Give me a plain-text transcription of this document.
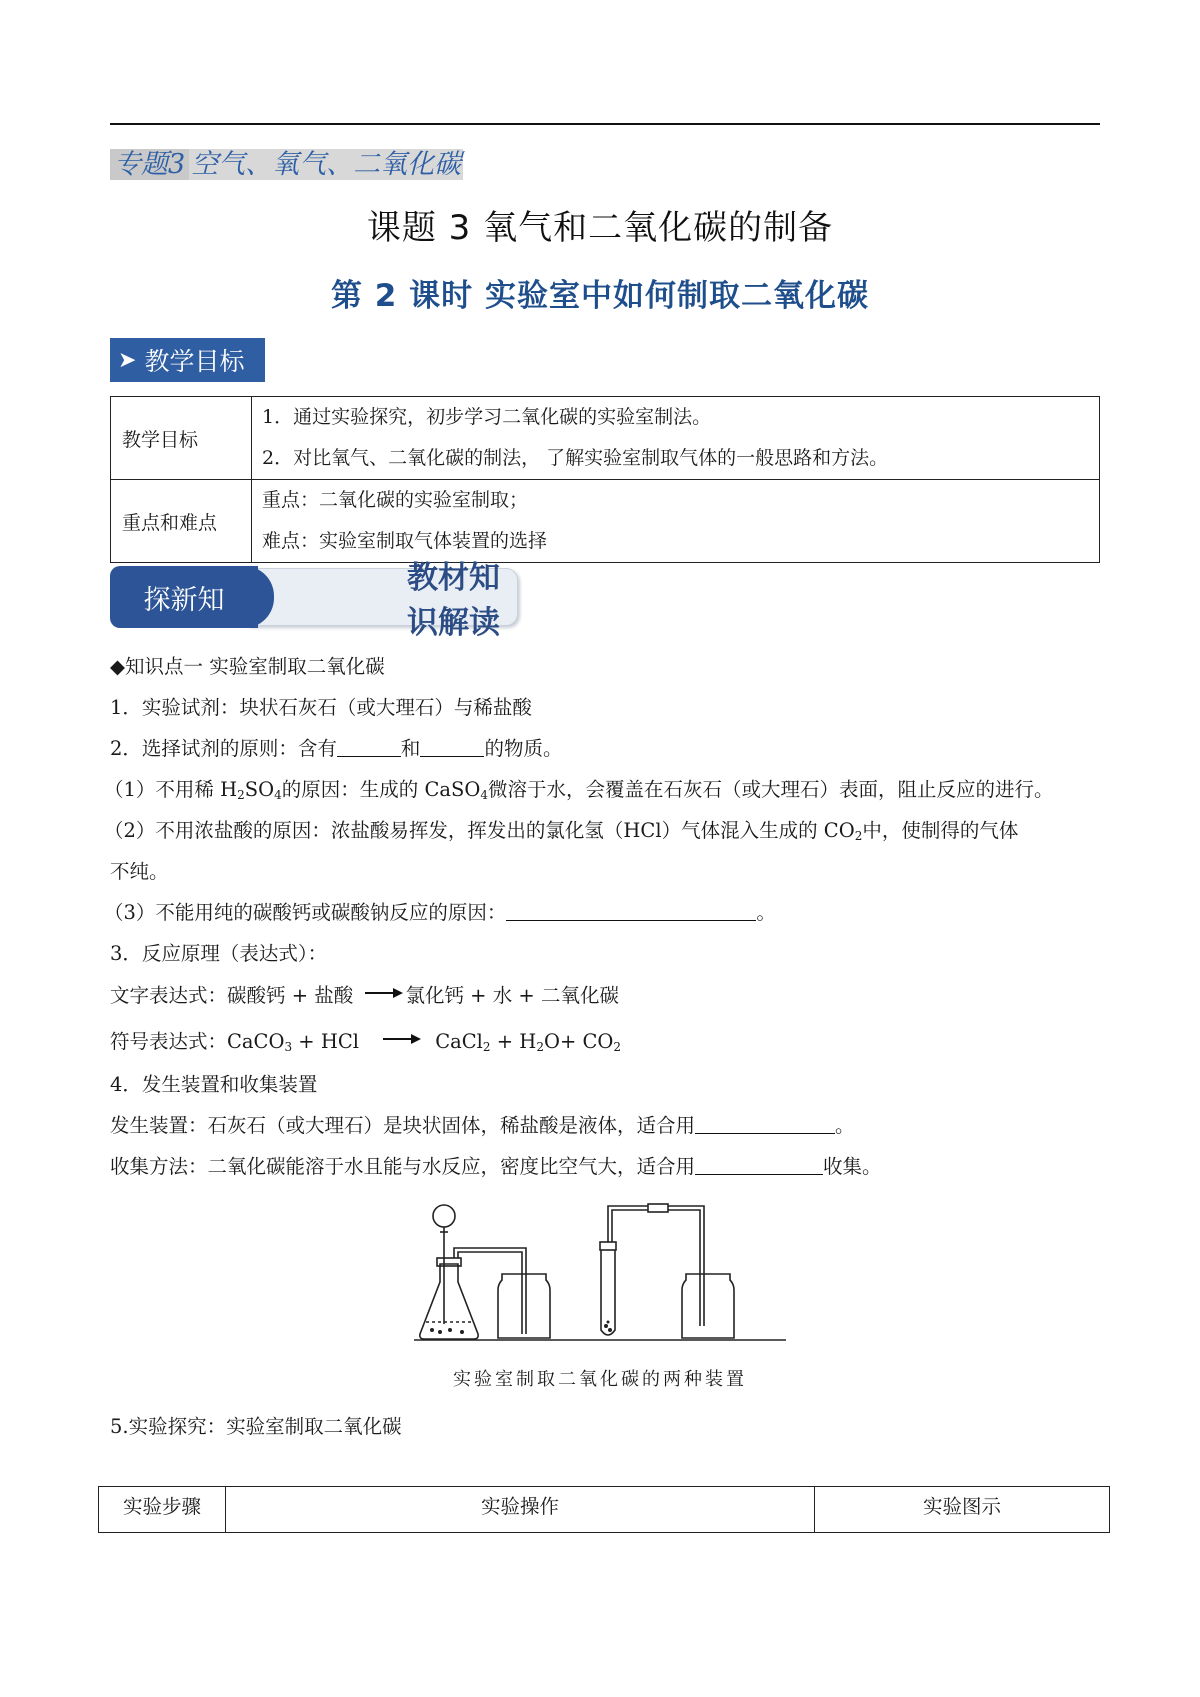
专题3 空气、氧气、二氧化碳
课题 3 氧气和二氧化碳的制备
第 2 课时 实验室中如何制取二氧化碳
➤ 教学目标
教学目标	1．通过实验探究，初步学习二氧化碳的实验室制法。
2．对比氧气、二氧化碳的制法， 了解实验室制取气体的一般思路和方法。

重点和难点	重点：二氧化碳的实验室制取；
难点：实验室制取气体装置的选择
教材知识解读
探新知
◆知识点一 实验室制取二氧化碳
1．实验试剂：块状石灰石（或大理石）与稀盐酸
2．选择试剂的原则：含有	和	的物质。
（1）不用稀 $H_2SO_4$的原因：生成的 CaSO$_4$微溶于水，会覆盖在石灰石（或大理石）表面，阻止反应的进行。
（2）不用浓盐酸的原因：浓盐酸易挥发，挥发出的氯化氢（HCl）气体混入生成的 $CO_2$中，使制得的气体
不纯。
（3）不能用纯的碳酸钙或碳酸钠反应的原因：	。
3．反应原理（表达式）：
文字表达式：碳酸钙 + 盐酸 → 氯化钙 + 水 + 二氧化碳
符号表达式：CaCO$_3$ + HCl → CaCl$_2$ + $H_2O+ CO_2$
4．发生装置和收集装置
发生装置：石灰石（或大理石）是块状固体，稀盐酸是液体，适合用	。
收集方法：二氧化碳能溶于水且能与水反应，密度比空气大，适合用	收集。
实验室制取二氧化碳的两种装置
5.实验探究：实验室制取二氧化碳
实验步骤	实验操作	实验图示
